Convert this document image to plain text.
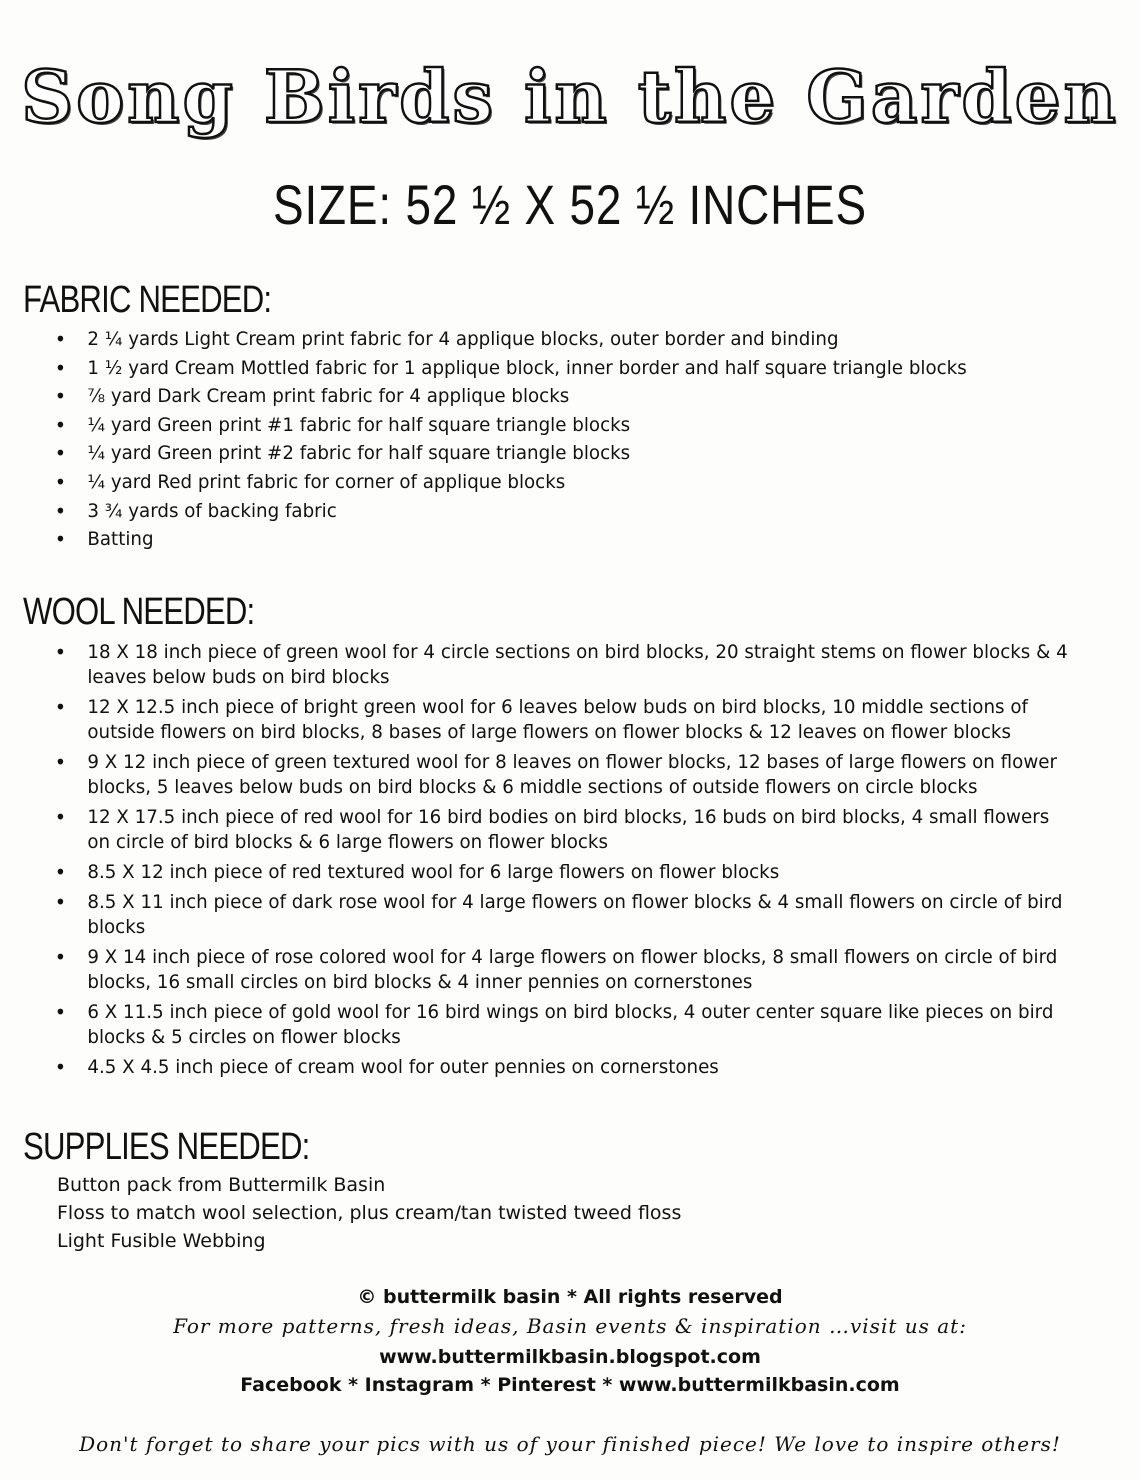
Song Birds in the Garden
SIZE: 52 ½ X 52 ½ INCHES
FABRIC NEEDED:
• 2 ¼ yards Light Cream print fabric for 4 applique blocks, outer border and binding
• 1 ½ yard Cream Mottled fabric for 1 applique block, inner border and half square triangle blocks
• ⅞ yard Dark Cream print fabric for 4 applique blocks
• ¼ yard Green print #1 fabric for half square triangle blocks
• ¼ yard Green print #2 fabric for half square triangle blocks
• ¼ yard Red print fabric for corner of applique blocks
• 3 ¾ yards of backing fabric
• Batting
WOOL NEEDED:
• 18 X 18 inch piece of green wool for 4 circle sections on bird blocks, 20 straight stems on flower blocks & 4 leaves below buds on bird blocks
• 12 X 12.5 inch piece of bright green wool for 6 leaves below buds on bird blocks, 10 middle sections of outside flowers on bird blocks, 8 bases of large flowers on flower blocks & 12 leaves on flower blocks
• 9 X 12 inch piece of green textured wool for 8 leaves on flower blocks, 12 bases of large flowers on flower blocks, 5 leaves below buds on bird blocks & 6 middle sections of outside flowers on circle blocks
• 12 X 17.5 inch piece of red wool for 16 bird bodies on bird blocks, 16 buds on bird blocks, 4 small flowers on circle of bird blocks & 6 large flowers on flower blocks
• 8.5 X 12 inch piece of red textured wool for 6 large flowers on flower blocks
• 8.5 X 11 inch piece of dark rose wool for 4 large flowers on flower blocks & 4 small flowers on circle of bird blocks
• 9 X 14 inch piece of rose colored wool for 4 large flowers on flower blocks, 8 small flowers on circle of bird blocks, 16 small circles on bird blocks & 4 inner pennies on cornerstones
• 6 X 11.5 inch piece of gold wool for 16 bird wings on bird blocks, 4 outer center square like pieces on bird blocks & 5 circles on flower blocks
• 4.5 X 4.5 inch piece of cream wool for outer pennies on cornerstones
SUPPLIES NEEDED:
Button pack from Buttermilk Basin
Floss to match wool selection, plus cream/tan twisted tweed floss
Light Fusible Webbing
© buttermilk basin * All rights reserved
For more patterns, fresh ideas, Basin events & inspiration …visit us at:
www.buttermilkbasin.blogspot.com
Facebook * Instagram * Pinterest * www.buttermilkbasin.com
Don't forget to share your pics with us of your finished piece! We love to inspire others!
